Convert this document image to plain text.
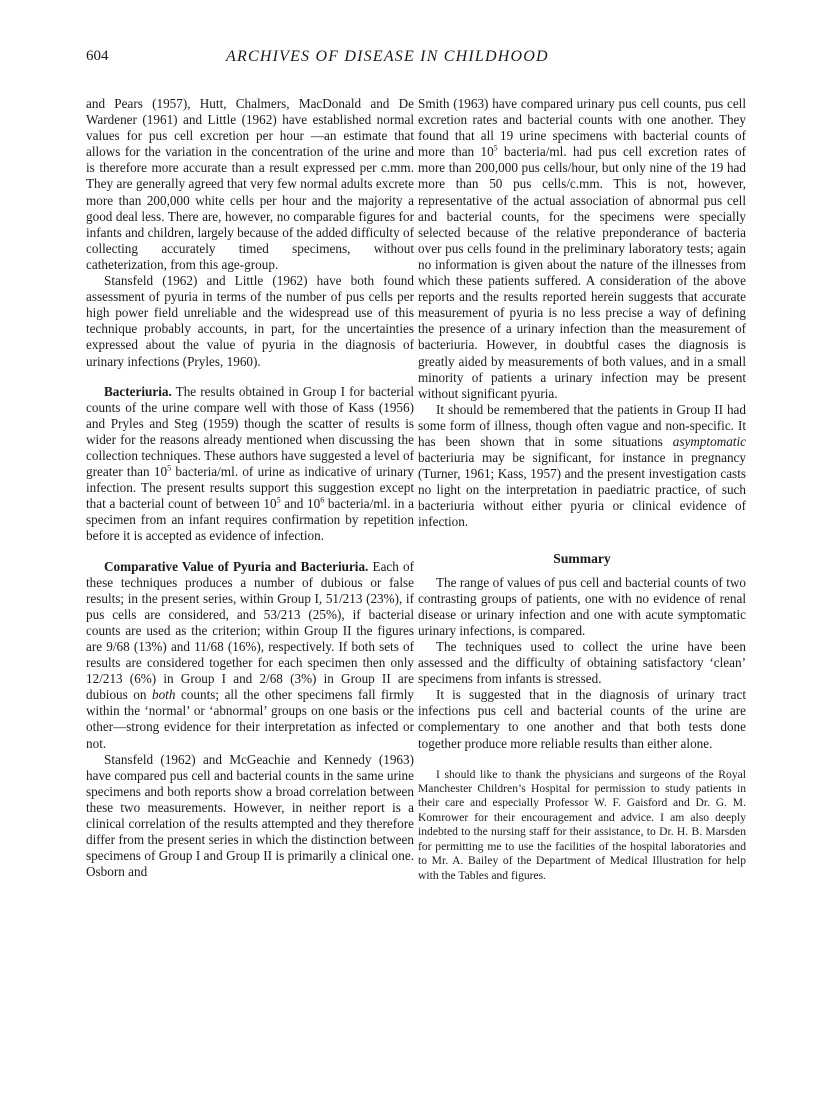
604	ARCHIVES OF DISEASE IN CHILDHOOD

and Pears (1957), Hutt, Chalmers, MacDonald and De Wardener (1961) and Little (1962) have established normal values for pus cell excretion per hour —an estimate that allows for the variation in the concentration of the urine and is therefore more accurate than a result expressed per c.mm. They are generally agreed that very few normal adults excrete more than 200,000 white cells per hour and the majority a good deal less. There are, however, no comparable figures for infants and children, largely because of the added difficulty of collecting accurately timed specimens, without catheterization, from this age-group.

Stansfeld (1962) and Little (1962) have both found assessment of pyuria in terms of the number of pus cells per high power field unreliable and the widespread use of this technique probably accounts, in part, for the uncertainties expressed about the value of pyuria in the diagnosis of urinary infections (Pryles, 1960).

Bacteriuria. The results obtained in Group I for bacterial counts of the urine compare well with those of Kass (1956) and Pryles and Steg (1959) though the scatter of results is wider for the reasons already mentioned when discussing the collection techniques. These authors have suggested a level of greater than $10^5$ bacteria/ml. of urine as indicative of urinary infection. The present results support this suggestion except that a bacterial count of between $10^5$ and $10^6$ bacteria/ml. in a specimen from an infant requires confirmation by repetition before it is accepted as evidence of infection.

Comparative Value of Pyuria and Bacteriuria. Each of these techniques produces a number of dubious or false results; in the present series, within Group I, 51/213 (23%), if pus cells are considered, and 53/213 (25%), if bacterial counts are used as the criterion; within Group II the figures are 9/68 (13%) and 11/68 (16%), respectively. If both sets of results are considered together for each specimen then only 12/213 (6%) in Group I and 2/68 (3%) in Group II are dubious on both counts; all the other specimens fall firmly within the ‘normal’ or ‘abnormal’ groups on one basis or the other—strong evidence for their interpretation as infected or not.

Stansfeld (1962) and McGeachie and Kennedy (1963) have compared pus cell and bacterial counts in the same urine specimens and both reports show a broad correlation between these two measurements. However, in neither report is a clinical correlation of the results attempted and they therefore differ from the present series in which the distinction between specimens of Group I and Group II is primarily a clinical one. Osborn and

Smith (1963) have compared urinary pus cell counts, pus cell excretion rates and bacterial counts with one another. They found that all 19 urine specimens with bacterial counts of more than $10^5$ bacteria/ml. had pus cell excretion rates of more than 200,000 pus cells/hour, but only nine of the 19 had more than 50 pus cells/c.mm. This is not, however, representative of the actual association of abnormal pus cell and bacterial counts, for the specimens were specially selected because of the relative preponderance of bacteria over pus cells found in the preliminary laboratory tests; again no information is given about the nature of the illnesses from which these patients suffered. A consideration of the above reports and the results reported herein suggests that accurate measurement of pyuria is no less precise a way of defining the presence of a urinary infection than the measurement of bacteriuria. However, in doubtful cases the diagnosis is greatly aided by measurements of both values, and in a small minority of patients a urinary infection may be present without significant pyuria.

It should be remembered that the patients in Group II had some form of illness, though often vague and non-specific. It has been shown that in some situations asymptomatic bacteriuria may be significant, for instance in pregnancy (Turner, 1961; Kass, 1957) and the present investigation casts no light on the interpretation in paediatric practice, of such bacteriuria without either pyuria or clinical evidence of infection.

Summary

The range of values of pus cell and bacterial counts of two contrasting groups of patients, one with no evidence of renal disease or urinary infection and one with acute symptomatic urinary infections, is compared.

The techniques used to collect the urine have been assessed and the difficulty of obtaining satisfactory ‘clean’ specimens from infants is stressed.

It is suggested that in the diagnosis of urinary tract infections pus cell and bacterial counts of the urine are complementary to one another and that both tests done together produce more reliable results than either alone.

I should like to thank the physicians and surgeons of the Royal Manchester Children’s Hospital for permission to study patients in their care and especially Professor W. F. Gaisford and Dr. G. M. Komrower for their encouragement and advice. I am also deeply indebted to the nursing staff for their assistance, to Dr. H. B. Marsden for permitting me to use the facilities of the hospital laboratories and to Mr. A. Bailey of the Department of Medical Illustration for help with the Tables and figures.
